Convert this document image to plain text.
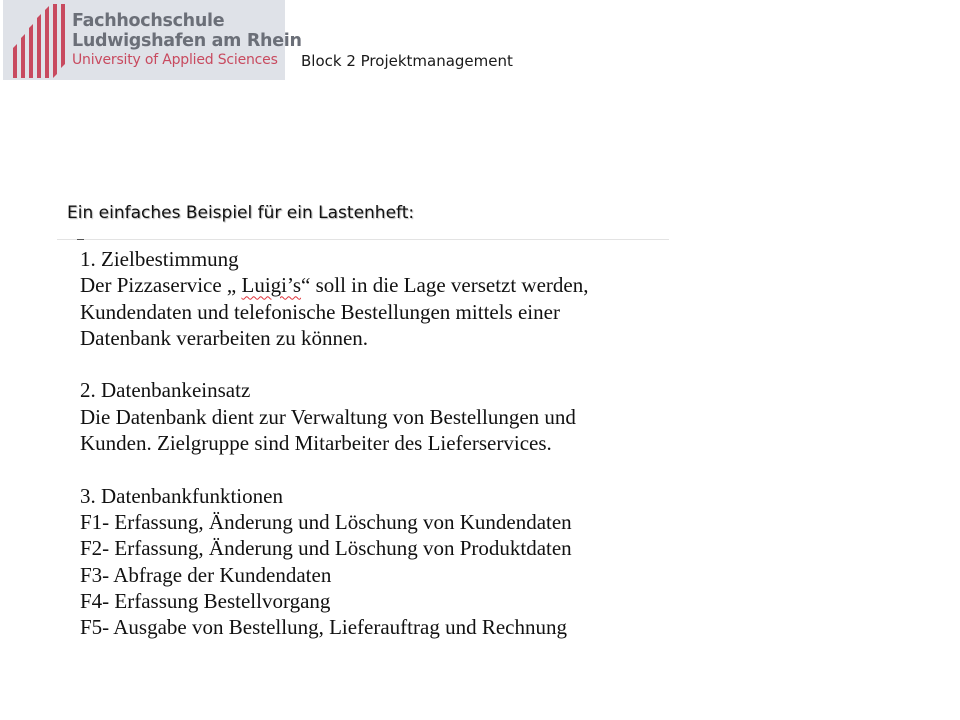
Fachhochschule
Ludwigshafen am Rhein
University of Applied Sciences	Block 2 Projektmanagement
Ein einfaches Beispiel für ein Lastenheft:
1. Zielbestimmung
Der Pizzaservice „ Luigi’s“ soll in die Lage versetzt werden,
Kundendaten und telefonische Bestellungen mittels einer
Datenbank verarbeiten zu können.
2. Datenbankeinsatz
Die Datenbank dient zur Verwaltung von Bestellungen und
Kunden. Zielgruppe sind Mitarbeiter des Lieferservices.
3. Datenbankfunktionen
F1- Erfassung, Änderung und Löschung von Kundendaten
F2- Erfassung, Änderung und Löschung von Produktdaten
F3- Abfrage der Kundendaten
F4- Erfassung Bestellvorgang
F5- Ausgabe von Bestellung, Lieferauftrag und Rechnung
